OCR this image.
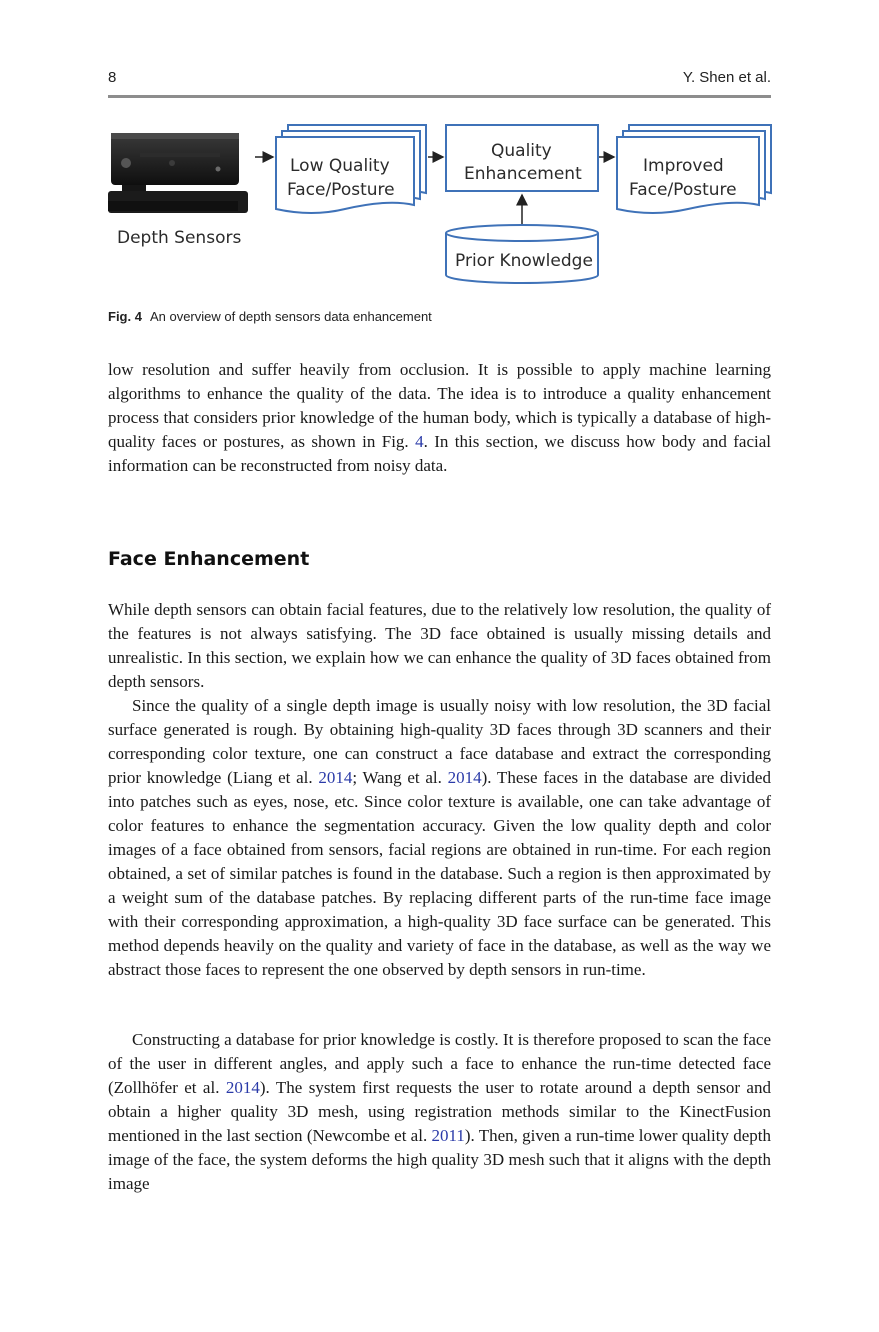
8	Y. Shen et al.
Depth Sensors
Low Quality
Face/Posture
Quality
Enhancement	Improved
Face/Posture
Prior Knowledge
Fig. 4 An overview of depth sensors data enhancement

low resolution and suffer heavily from occlusion. It is possible to apply machine learning algorithms to enhance the quality of the data. The idea is to introduce a quality enhancement process that considers prior knowledge of the human body, which is typically a database of high-quality faces or postures, as shown in Fig. 4. In this section, we discuss how body and facial information can be reconstructed from noisy data.

Face Enhancement

While depth sensors can obtain facial features, due to the relatively low resolution, the quality of the features is not always satisfying. The 3D face obtained is usually missing details and unrealistic. In this section, we explain how we can enhance the quality of 3D faces obtained from depth sensors.

Since the quality of a single depth image is usually noisy with low resolution, the 3D facial surface generated is rough. By obtaining high-quality 3D faces through 3D scanners and their corresponding color texture, one can construct a face database and extract the corresponding prior knowledge (Liang et al. 2014; Wang et al. 2014). These faces in the database are divided into patches such as eyes, nose, etc. Since color texture is available, one can take advantage of color features to enhance the segmentation accuracy. Given the low quality depth and color images of a face obtained from sensors, facial regions are obtained in run-time. For each region obtained, a set of similar patches is found in the database. Such a region is then approximated by a weight sum of the database patches. By replacing different parts of the run-time face image with their corresponding approximation, a high-quality 3D face surface can be generated. This method depends heavily on the quality and variety of face in the database, as well as the way we abstract those faces to represent the one observed by depth sensors in run-time.

Constructing a database for prior knowledge is costly. It is therefore proposed to scan the face of the user in different angles, and apply such a face to enhance the run-time detected face (Zollhöfer et al. 2014). The system first requests the user to rotate around a depth sensor and obtain a higher quality 3D mesh, using registration methods similar to the KinectFusion mentioned in the last section (Newcombe et al. 2011). Then, given a run-time lower quality depth image of the face, the system deforms the high quality 3D mesh such that it aligns with the depth image
